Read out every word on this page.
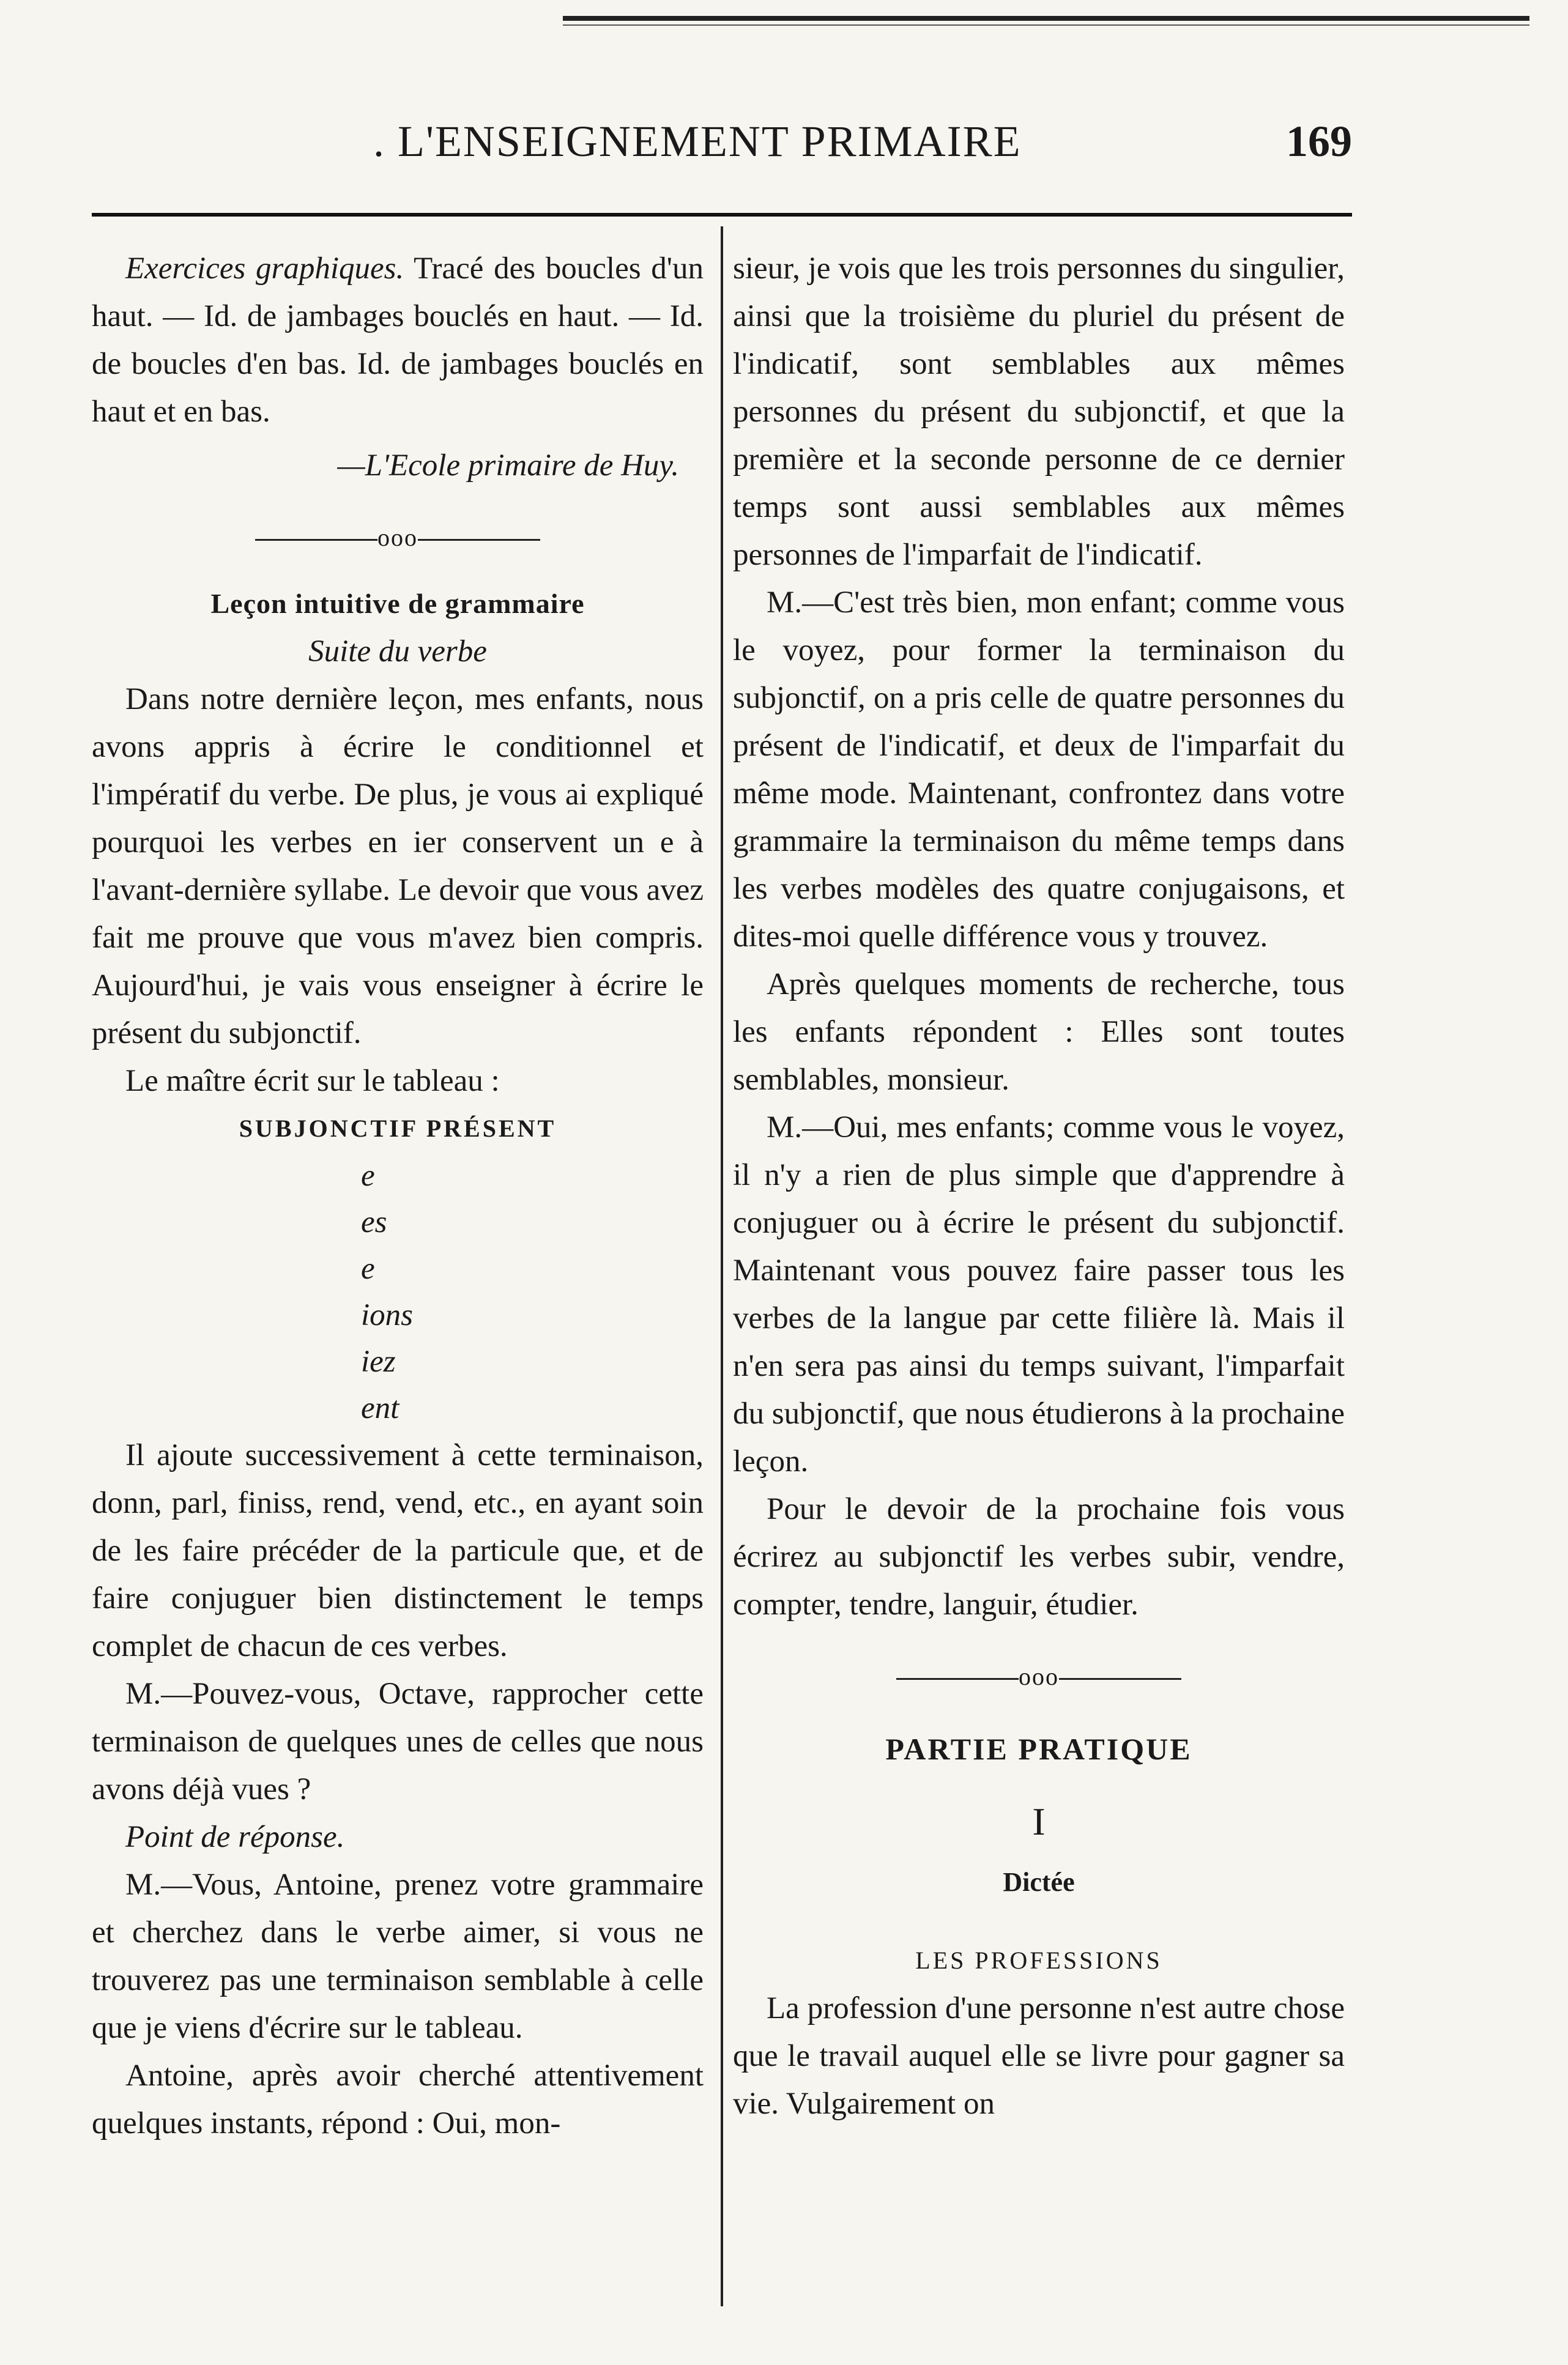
. L'ENSEIGNEMENT PRIMAIRE	169

Exercices graphiques. Tracé des boucles d'un haut. — Id. de jambages bouclés en haut. — Id. de boucles d'en bas. Id. de jambages bouclés en haut et en bas.

—L'Ecole primaire de Huy.

ooo

Leçon intuitive de grammaire

Suite du verbe

Dans notre dernière leçon, mes enfants, nous avons appris à écrire le conditionnel et l'impératif du verbe. De plus, je vous ai expliqué pourquoi les verbes en ier conservent un e à l'avant-dernière syllabe. Le devoir que vous avez fait me prouve que vous m'avez bien compris. Aujourd'hui, je vais vous enseigner à écrire le présent du subjonctif.

Le maître écrit sur le tableau :

SUBJONCTIF PRÉSENT

e
es
e
ions
iez
ent

Il ajoute successivement à cette terminaison, donn, parl, finiss, rend, vend, etc., en ayant soin de les faire précéder de la particule que, et de faire conjuguer bien distinctement le temps complet de chacun de ces verbes.

M.—Pouvez-vous, Octave, rapprocher cette terminaison de quelques unes de celles que nous avons déjà vues ?

Point de réponse.

M.—Vous, Antoine, prenez votre grammaire et cherchez dans le verbe aimer, si vous ne trouverez pas une terminaison semblable à celle que je viens d'écrire sur le tableau.

Antoine, après avoir cherché attentivement quelques instants, répond : Oui, mon-

sieur, je vois que les trois personnes du singulier, ainsi que la troisième du pluriel du présent de l'indicatif, sont semblables aux mêmes personnes du présent du subjonctif, et que la première et la seconde personne de ce dernier temps sont aussi semblables aux mêmes personnes de l'imparfait de l'indicatif.

M.—C'est très bien, mon enfant; comme vous le voyez, pour former la terminaison du subjonctif, on a pris celle de quatre personnes du présent de l'indicatif, et deux de l'imparfait du même mode. Maintenant, confrontez dans votre grammaire la terminaison du même temps dans les verbes modèles des quatre conjugaisons, et dites-moi quelle différence vous y trouvez.

Après quelques moments de recherche, tous les enfants répondent : Elles sont toutes semblables, monsieur.

M.—Oui, mes enfants; comme vous le voyez, il n'y a rien de plus simple que d'apprendre à conjuguer ou à écrire le présent du subjonctif. Maintenant vous pouvez faire passer tous les verbes de la langue par cette filière là. Mais il n'en sera pas ainsi du temps suivant, l'imparfait du subjonctif, que nous étudierons à la prochaine leçon.

Pour le devoir de la prochaine fois vous écrirez au subjonctif les verbes subir, vendre, compter, tendre, languir, étudier.

ooo

PARTIE PRATIQUE

I

Dictée

LES PROFESSIONS

La profession d'une personne n'est autre chose que le travail auquel elle se livre pour gagner sa vie. Vulgairement on
